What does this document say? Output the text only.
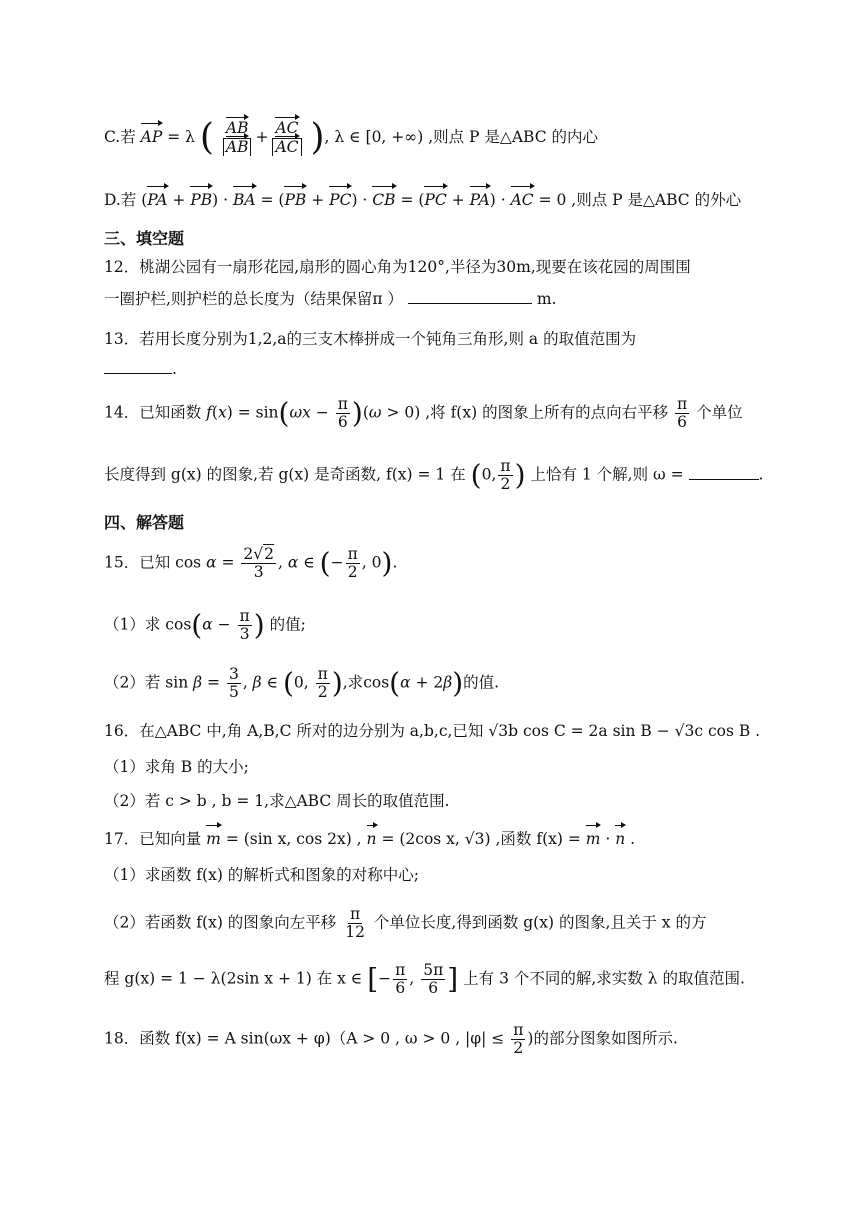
C.若 AP = λ ( $\frac{AB}{AB} + \frac{AC}{AC}$ ), λ ∈ [0, +∞) ,则点 P 是△ABC 的内心
D.若 (PA + PB) · BA = (PB + PC) · CB = (PC + PA) · AC = 0 ,则点 P 是△ABC 的外心
三、填空题
12．桃湖公园有一扇形花园,扇形的圆心角为120°,半径为30m,现要在该花园的周围围
一圈护栏,则护栏的总长度为（结果保留π ）	m.
13．若用长度分别为1,2,a的三支木棒拼成一个钝角三角形,则 a 的取值范围为
.
14．已知函数 $f(x) = \sin(\omega x - \frac{\pi}{6} )(\omega > 0)$ ,将 f(x) 的图象上所有的点向右平移 $\frac{\pi}{6}$ 个单位
长度得到 g(x) 的图象,若 g(x) 是奇函数, f(x) = 1 在 (0, $\frac{\pi}{2}$ ) 上恰有 1 个解,则 ω =	.
四、解答题
15．已知 $\cos \alpha = \frac{2√2}{3}$ , α ∈ (− $\frac{\pi}{2}$ , 0).
（1）求 $\cos(\alpha - \frac{\pi}{3}$ ) 的值;
（2）若 $\sin \beta = \frac{3}{5}$ , β ∈ (0, $\frac{\pi}{2}$ ),求cos(α + 2β)的值.
16．在△ABC 中,角 A,B,C 所对的边分别为 a,b,c,已知 √3b cos C = 2a sin B − √3c cos B .
（1）求角 B 的大小;
（2）若 c > b , b = 1,求△ABC 周长的取值范围.
17．已知向量 m = (sin x, cos 2x) , n = (2cos x, √3) ,函数 f(x) = m · n .
（1）求函数 f(x) 的解析式和图象的对称中心;
（2）若函数 f(x) 的图象向左平移 $\frac{\pi}{12}$ 个单位长度,得到函数 g(x) 的图象,且关于 x 的方
程 g(x) = 1 − λ(2sin x + 1) 在 x ∈ [− $\frac{\pi}{6}$ , $\frac{5\pi}{6}$ ] 上有 3 个不同的解,求实数 λ 的取值范围.
18．函数 f(x) = A sin(ωx + φ)（A > 0 , ω > 0 , $|\varphi| \le \frac{\pi}{2}$ )的部分图象如图所示.
